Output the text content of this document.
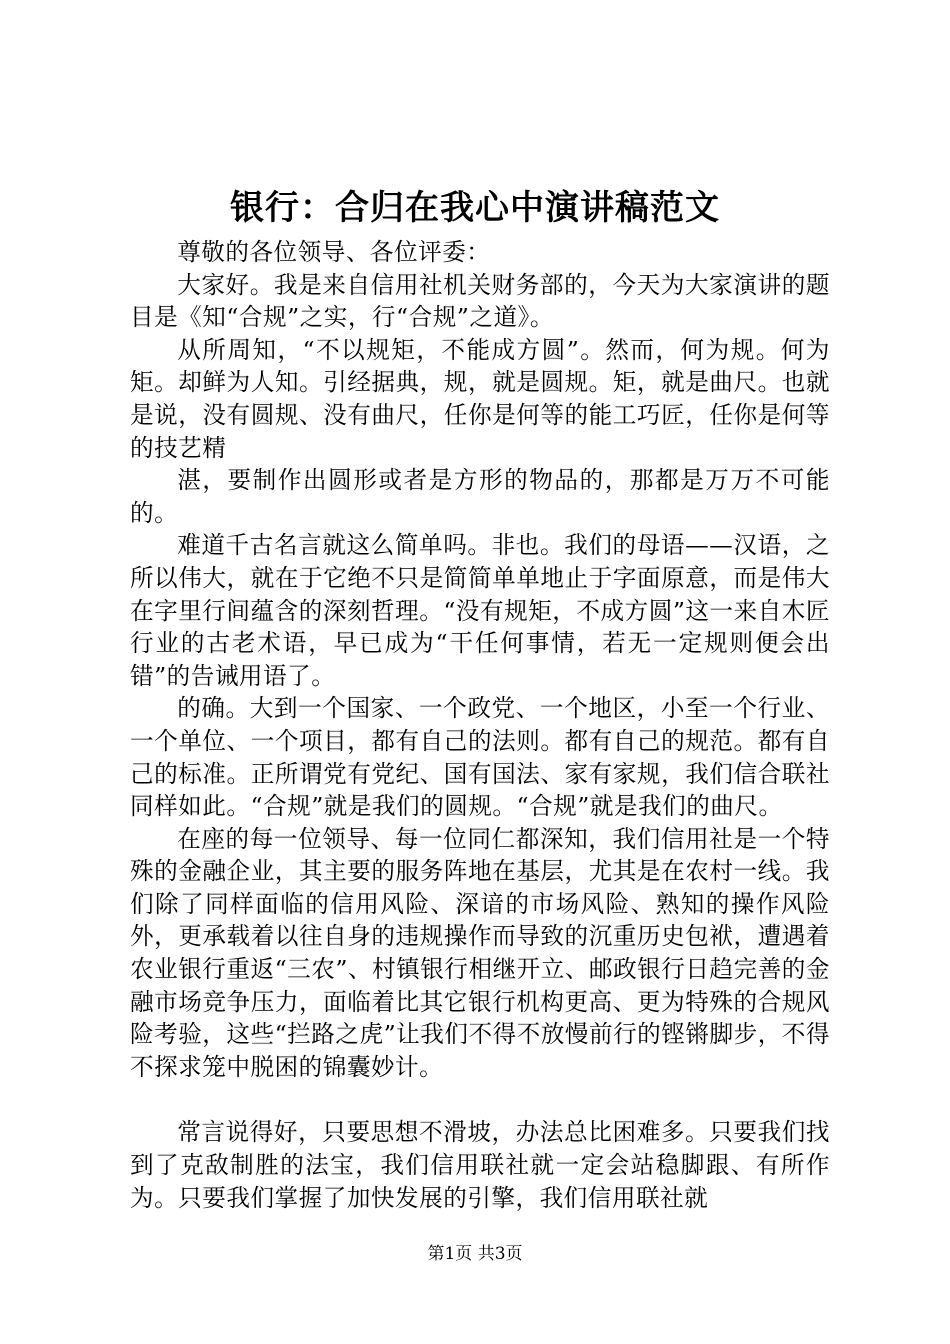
银行：合归在我心中演讲稿范文

尊敬的各位领导、各位评委：

大家好。我是来自信用社机关财务部的，今天为大家演讲的题目是《知“合规”之实，行“合规”之道》。

从所周知，“不以规矩，不能成方圆”。然而，何为规。何为矩。却鲜为人知。引经据典，规，就是圆规。矩，就是曲尺。也就是说，没有圆规、没有曲尺，任你是何等的能工巧匠，任你是何等的技艺精

湛，要制作出圆形或者是方形的物品的，那都是万万不可能的。

难道千古名言就这么简单吗。非也。我们的母语——汉语，之所以伟大，就在于它绝不只是简简单单地止于字面原意，而是伟大在字里行间蕴含的深刻哲理。“没有规矩，不成方圆”这一来自木匠行业的古老术语，早已成为“干任何事情，若无一定规则便会出错”的告诫用语了。

的确。大到一个国家、一个政党、一个地区，小至一个行业、一个单位、一个项目，都有自己的法则。都有自己的规范。都有自己的标准。正所谓党有党纪、国有国法、家有家规，我们信合联社同样如此。“合规”就是我们的圆规。“合规”就是我们的曲尺。

在座的每一位领导、每一位同仁都深知，我们信用社是一个特殊的金融企业，其主要的服务阵地在基层，尤其是在农村一线。我们除了同样面临的信用风险、深谙的市场风险、熟知的操作风险外，更承载着以往自身的违规操作而导致的沉重历史包袱，遭遇着农业银行重返“三农”、村镇银行相继开立、邮政银行日趋完善的金融市场竞争压力，面临着比其它银行机构更高、更为特殊的合规风险考验，这些“拦路之虎”让我们不得不放慢前行的铿锵脚步，不得不探求笼中脱困的锦囊妙计。

常言说得好，只要思想不滑坡，办法总比困难多。只要我们找到了克敌制胜的法宝，我们信用联社就一定会站稳脚跟、有所作为。只要我们掌握了加快发展的引擎，我们信用联社就

第1页 共3页
